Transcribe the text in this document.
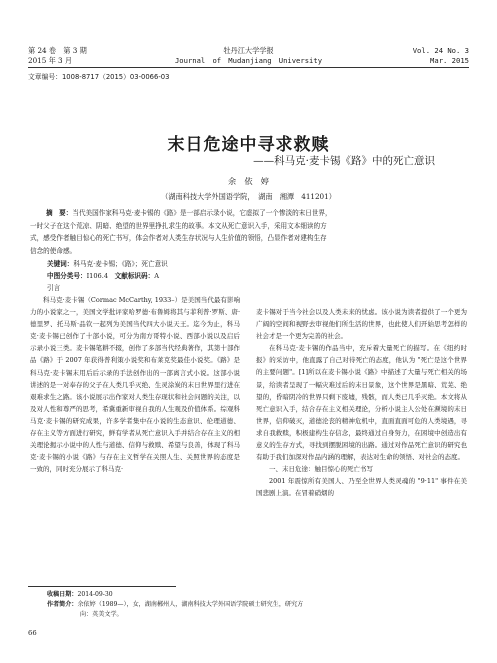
第 24 卷　第 3 期
2015 年 3 月
牡丹江大学学报
Journal　of　Mudanjiang　University
Vol. 24 No. 3
Mar. 2015
文章编号：1008-8717（2015）03-0066-03
末日危途中寻求救赎
——科马克·麦卡锡《路》中的死亡意识
余　依　婷
（湖南科技大学外国语学院，　湖南　湘潭　411201）
摘　要：当代美国作家科马克·麦卡锡的《路》是一部启示录小说，它虚拟了一个惨淡的末日世界，
一时父子在这个荒凉、阴暗、绝望的世界里挣扎求生的故事。本文从死亡意识入手，采用文本细读的方
式，感受作者触目惊心的死亡书写，体会作者对人类生存状况与人生价值的领悟，凸显作者对建构生存
信念的使命感。
关键词：科马克·麦卡锡；《路》；死亡意识
中图分类号：I106.4　 文献标识码：A
引言

科马克·麦卡锡（Cormac McCarthy, 1933–）是美国当代最有影响力的小说家之一，美国文学批评家哈罗德·布鲁姆将其与菲利普·罗斯、唐·德里罗、托马斯·品钦一起列为美国当代四大小说天王。迄今为止，科马克·麦卡锡已创作了十部小说，可分为南方哥特小说、西部小说以及启后示录小说三类。麦卡锡笔耕不辍，创作了多部当代经典著作，其第十部作品《路》于 2007 年获得普利策小说奖和布莱克奖最佳小说奖。《路》是科马克·麦卡锡末用后后示录的手法创作出的一部离言式小说。这部小说讲述的是一对奉存的父子在人类几乎灭绝、生灵涂炭的末日世界里行进在艰难求生之路。该小说展示出作家对人类生存现状和社会问题的关注，以及对人性和尊严的思考，希冀重新审视自我的人生观及价值体系。综观科马克·麦卡锡的研究成果，许多学者集中在小说的生态意识、伦理道德、存在主义等方面进行研究，鲜有学者从死亡意识入手并结合存在主义的相关理论揭示小说中的人性与道德、信仰与救赎、希望与良善，体现了科马克·麦卡锡的小说《路》与存在主义哲学在关照人生、关照世界的态度是一致的，同时充分展示了科马克·

麦卡锡对于当今社会以及人类未来的忧虑。该小说为读者提供了一个更为广阔的空间和视野去审视他们所生活的世界，也此使人们开始思考怎样的社会才是一个更为完善的社会。

在科马克·麦卡锡的作品当中，充斥着大量死亡的描写。在《纽约时报》的采访中，他直露了自己对待死亡的态度，他认为 "死亡是这个世界的主要问题"。[1]所以在麦卡锡小说《路》中描述了大量与死亡相关的场景，给读者呈现了一幅灾难过后的末日景象，这个世界是黑暗、荒芜、绝望的，昏暗阴冷的世界只剩下废墟，残骸，而人类已几乎灭绝。本文将从死亡意识入手，结合存在主义相关理论，分析小说主人公处在濒境的末日世界，信仰破灭，道德沦丧的精神危机中，直面直面可危的人类境遇，寻求自我救赎，积极建构生存信念，最终通过自身努力，在困境中创造出有意义的生存方式，寻找到摆脱困境的出路。通过对作品死亡意识的研究也有助于我们加深对作品内涵的理解，表达对生命的领悟、对社会的态度。

一、末日危途：触目惊心的死亡书写

2001 年震惊所有美国人、乃至全世界人类灵魂的 "9·11" 事件在美国悲剧上演。在冒着硝烟的

收稿日期：2014-09-30
作者简介：余依婷（1989—），女，湖南郴州人，湖南科技大学外国语学院硕士研究生，研究方
向：英美文学。
66
